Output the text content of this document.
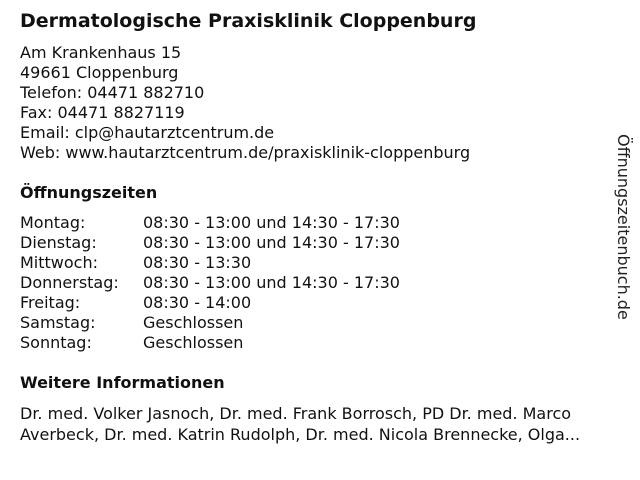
Dermatologische Praxisklinik Cloppenburg
Am Krankenhaus 15
49661 Cloppenburg
Telefon: 04471 882710
Fax: 04471 8827119
Email: clp@hautarztcentrum.de
Web: www.hautarztcentrum.de/praxisklinik-cloppenburg
Öffnungszeiten
Montag:	08:30 - 13:00 und 14:30 - 17:30
Dienstag:	08:30 - 13:00 und 14:30 - 17:30
Mittwoch:	08:30 - 13:30
Donnerstag:	08:30 - 13:00 und 14:30 - 17:30
Freitag:	08:30 - 14:00
Samstag:	Geschlossen
Sonntag:	Geschlossen
Weitere Informationen
Dr. med. Volker Jasnoch, Dr. med. Frank Borrosch, PD Dr. med. Marco
Averbeck, Dr. med. Katrin Rudolph, Dr. med. Nicola Brennecke, Olga...
Öffnungszeitenbuch.de
